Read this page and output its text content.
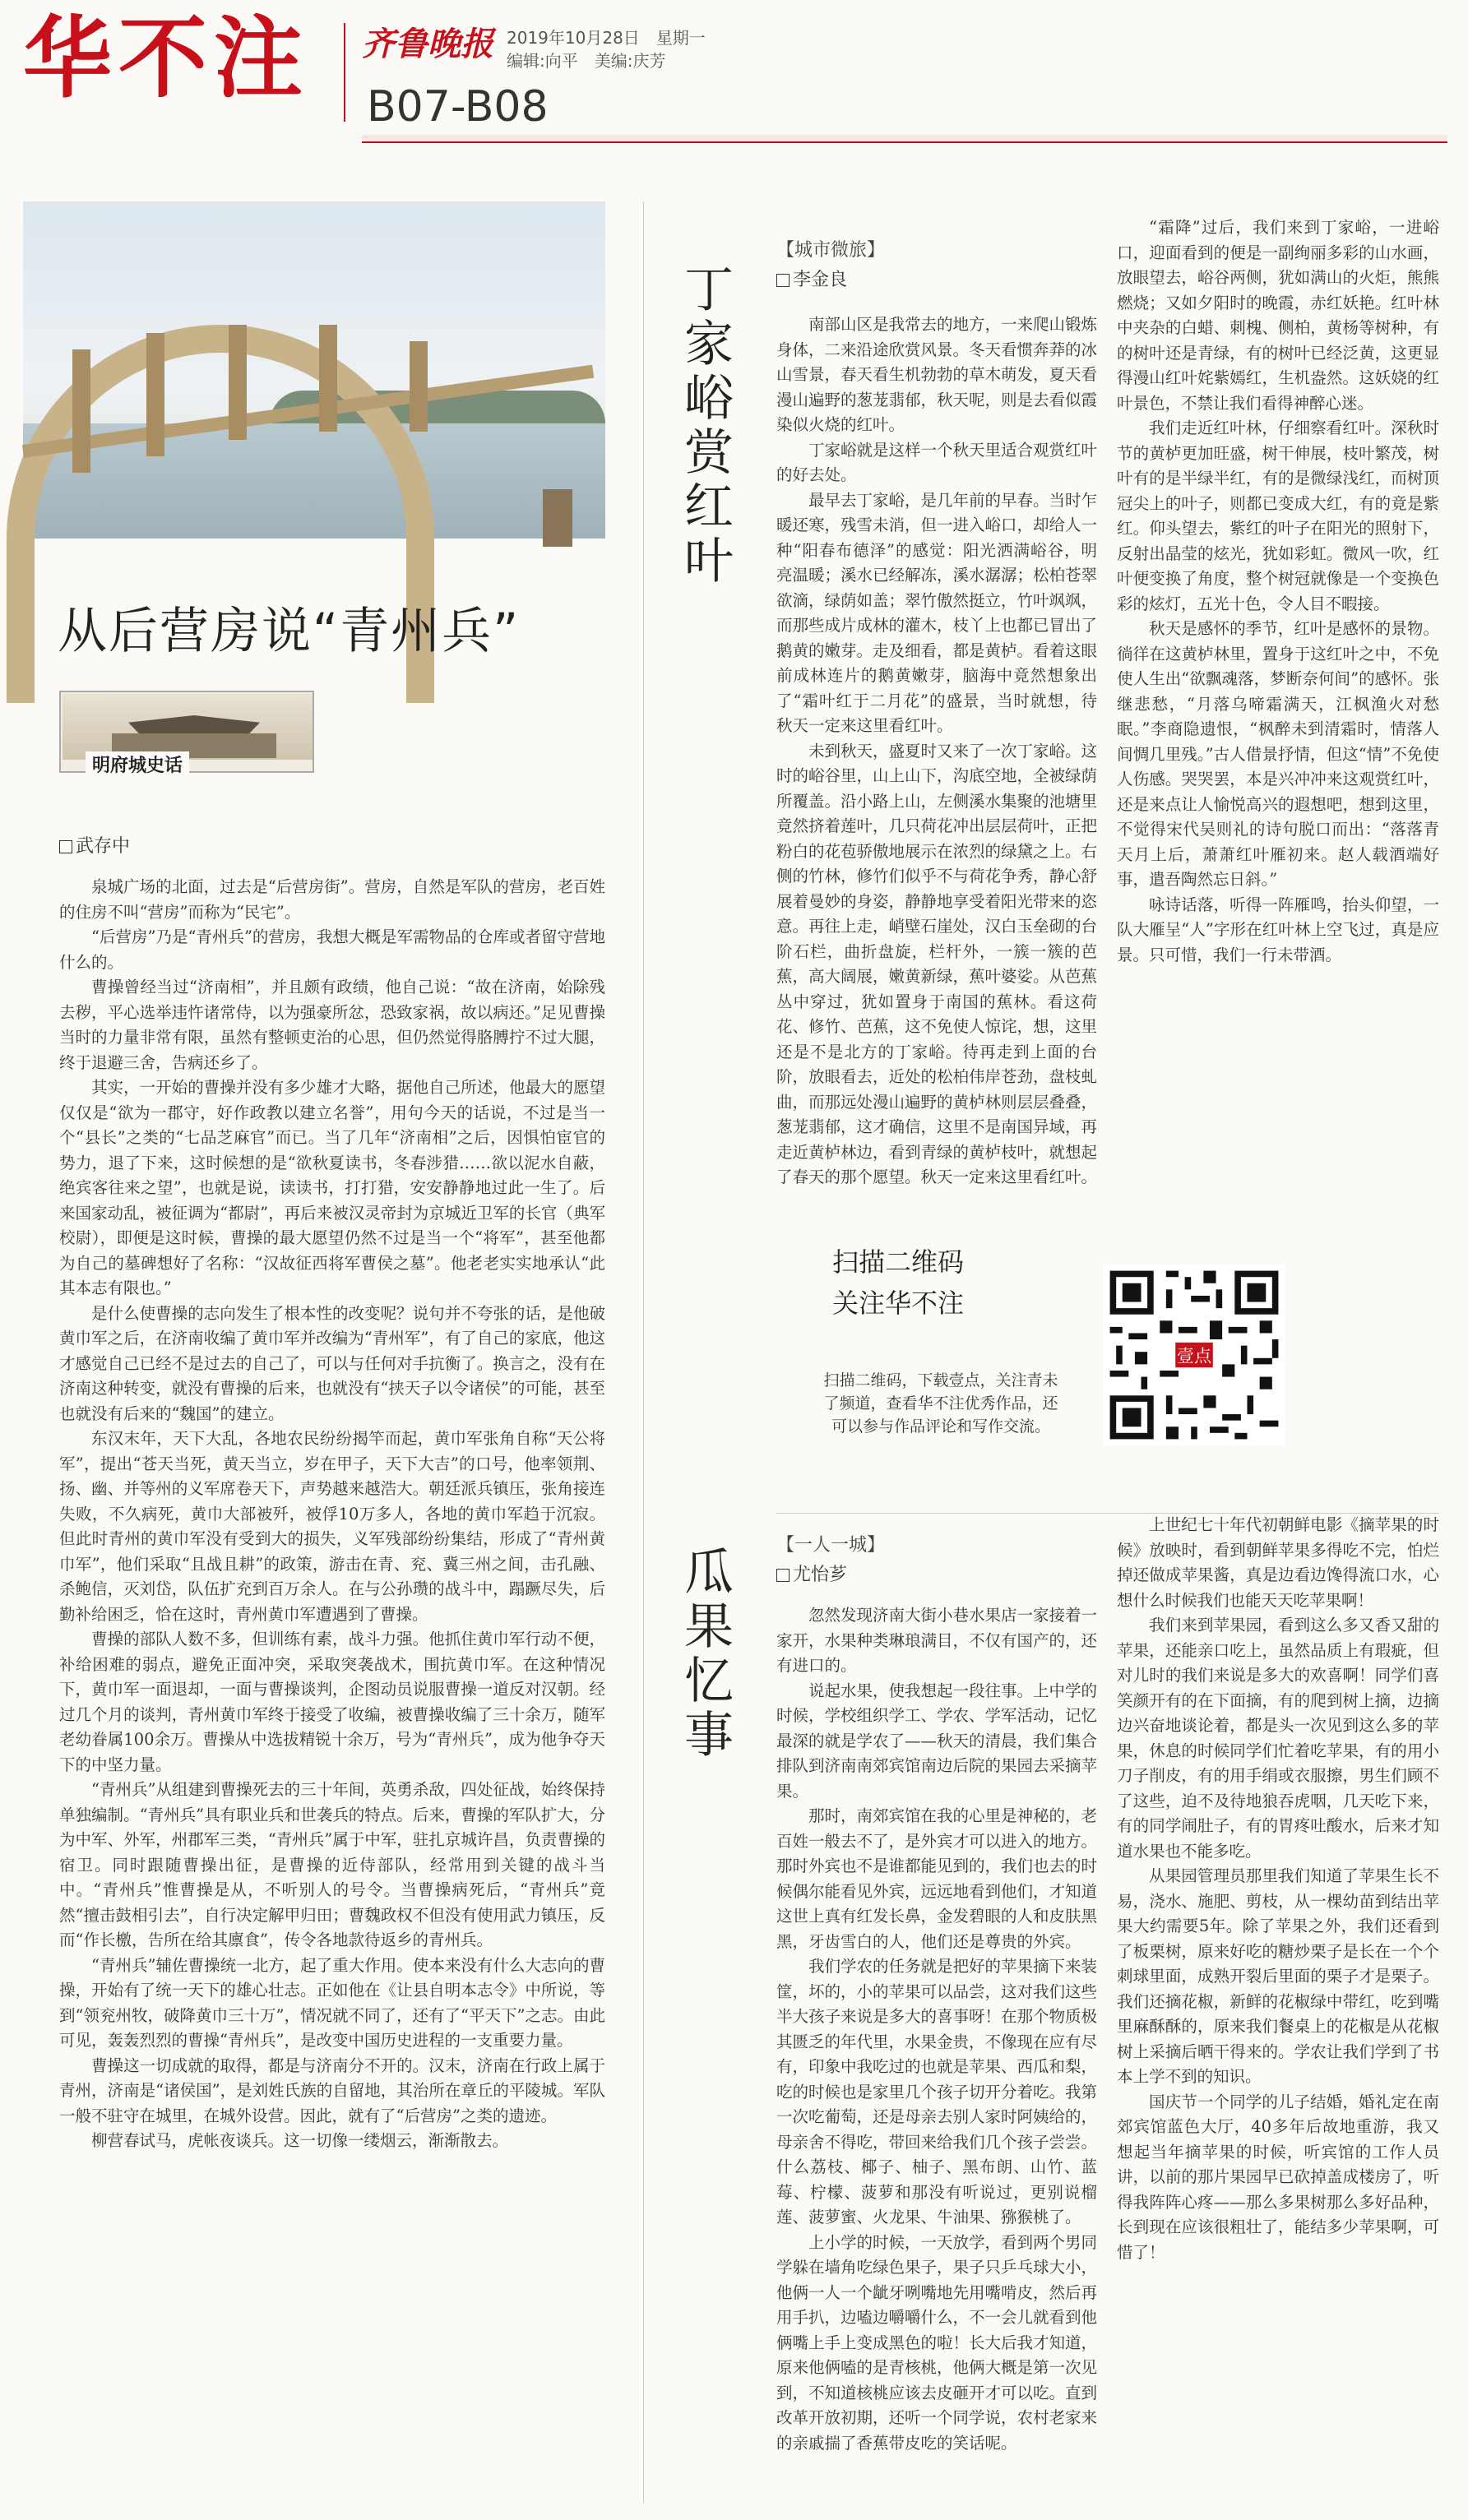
华不注 齐鲁晚报 2019年10月28日　星期一
编辑:向平　美编:庆芳
B07-B08
从后营房说“青州兵”
明府城史话
武存中

泉城广场的北面，过去是“后营房街”。营房，自然是军队的营房，老百姓的住房不叫“营房”而称为“民宅”。

“后营房”乃是“青州兵”的营房，我想大概是军需物品的仓库或者留守营地什么的。

曹操曾经当过“济南相”，并且颇有政绩，他自己说：“故在济南，始除残去秽，平心选举违忤诸常侍，以为强豪所忿，恐致家祸，故以病还。”足见曹操当时的力量非常有限，虽然有整顿吏治的心思，但仍然觉得胳膊拧不过大腿，终于退避三舍，告病还乡了。

其实，一开始的曹操并没有多少雄才大略，据他自己所述，他最大的愿望仅仅是“欲为一郡守，好作政教以建立名誉”，用句今天的话说，不过是当一个“县长”之类的“七品芝麻官”而已。当了几年“济南相”之后，因惧怕宦官的势力，退了下来，这时候想的是“欲秋夏读书，冬春涉猎……欲以泥水自蔽，绝宾客往来之望”，也就是说，读读书，打打猎，安安静静地过此一生了。后来国家动乱，被征调为“都尉”，再后来被汉灵帝封为京城近卫军的长官（典军校尉），即便是这时候，曹操的最大愿望仍然不过是当一个“将军”，甚至他都为自己的墓碑想好了名称：“汉故征西将军曹侯之墓”。他老老实实地承认“此其本志有限也。”

是什么使曹操的志向发生了根本性的改变呢？说句并不夸张的话，是他破黄巾军之后，在济南收编了黄巾军并改编为“青州军”，有了自己的家底，他这才感觉自己已经不是过去的自己了，可以与任何对手抗衡了。换言之，没有在济南这种转变，就没有曹操的后来，也就没有“挟天子以令诸侯”的可能，甚至也就没有后来的“魏国”的建立。

东汉末年，天下大乱，各地农民纷纷揭竿而起，黄巾军张角自称“天公将军”，提出“苍天当死，黄天当立，岁在甲子，天下大吉”的口号，他率领荆、扬、幽、并等州的义军席卷天下，声势越来越浩大。朝廷派兵镇压，张角接连失败，不久病死，黄巾大部被歼，被俘10万多人，各地的黄巾军趋于沉寂。但此时青州的黄巾军没有受到大的损失，义军残部纷纷集结，形成了“青州黄巾军”，他们采取“且战且耕”的政策，游击在青、兖、冀三州之间，击孔融、杀鲍信，灭刘岱，队伍扩充到百万余人。在与公孙瓒的战斗中，蹋蹶尽失，后勤补给困乏，恰在这时，青州黄巾军遭遇到了曹操。

曹操的部队人数不多，但训练有素，战斗力强。他抓住黄巾军行动不便，补给困难的弱点，避免正面冲突，采取突袭战术，围抗黄巾军。在这种情况下，黄巾军一面退却，一面与曹操谈判，企图动员说服曹操一道反对汉朝。经过几个月的谈判，青州黄巾军终于接受了收编，被曹操收编了三十余万，随军老幼眷属100余万。曹操从中选拔精锐十余万，号为“青州兵”，成为他争夺天下的中坚力量。

“青州兵”从组建到曹操死去的三十年间，英勇杀敌，四处征战，始终保持单独编制。“青州兵”具有职业兵和世袭兵的特点。后来，曹操的军队扩大，分为中军、外军，州郡军三类，“青州兵”属于中军，驻扎京城许昌，负责曹操的宿卫。同时跟随曹操出征，是曹操的近侍部队，经常用到关键的战斗当中。“青州兵”惟曹操是从，不听别人的号令。当曹操病死后，“青州兵”竟然“擅击鼓相引去”，自行决定解甲归田；曹魏政权不但没有使用武力镇压，反而“作长檄，告所在给其廪食”，传令各地款待返乡的青州兵。

“青州兵”辅佐曹操统一北方，起了重大作用。使本来没有什么大志向的曹操，开始有了统一天下的雄心壮志。正如他在《让县自明本志令》中所说，等到“领兖州牧，破降黄巾三十万”，情况就不同了，还有了“平天下”之志。由此可见，轰轰烈烈的曹操“青州兵”，是改变中国历史进程的一支重要力量。

曹操这一切成就的取得，都是与济南分不开的。汉末，济南在行政上属于青州，济南是“诸侯国”，是刘姓氏族的自留地，其治所在章丘的平陵城。军队一般不驻守在城里，在城外设营。因此，就有了“后营房”之类的遗迹。

柳营春试马，虎帐夜谈兵。这一切像一缕烟云，渐渐散去。

丁家峪赏红叶
【城市微旅】
李金良

南部山区是我常去的地方，一来爬山锻炼身体，二来沿途欣赏风景。冬天看惯奔莽的冰山雪景，春天看生机勃勃的草木萌发，夏天看漫山遍野的葱茏翡郁，秋天呢，则是去看似霞染似火烧的红叶。

丁家峪就是这样一个秋天里适合观赏红叶的好去处。

最早去丁家峪，是几年前的早春。当时乍暖还寒，残雪未消，但一进入峪口，却给人一种“阳春布德泽”的感觉：阳光洒满峪谷，明亮温暖；溪水已经解冻，溪水潺潺；松柏苍翠欲滴，绿荫如盖；翠竹傲然挺立，竹叶飒飒，而那些成片成林的灌木，枝丫上也都已冒出了鹅黄的嫩芽。走及细看，都是黄栌。看着这眼前成林连片的鹅黄嫩芽，脑海中竟然想象出了“霜叶红于二月花”的盛景，当时就想，待秋天一定来这里看红叶。

未到秋天，盛夏时又来了一次丁家峪。这时的峪谷里，山上山下，沟底空地，全被绿荫所覆盖。沿小路上山，左侧溪水集聚的池塘里竟然挤着莲叶，几只荷花冲出层层荷叶，正把粉白的花苞骄傲地展示在浓烈的绿黛之上。右侧的竹林，修竹们似乎不与荷花争秀，静心舒展着曼妙的身姿，静静地享受着阳光带来的恣意。再往上走，峭壁石崖处，汉白玉垒砌的台阶石栏，曲折盘旋，栏杆外，一簇一簇的芭蕉，高大阔展，嫩黄新绿，蕉叶婆娑。从芭蕉丛中穿过，犹如置身于南国的蕉林。看这荷花、修竹、芭蕉，这不免使人惊诧，想，这里还是不是北方的丁家峪。待再走到上面的台阶，放眼看去，近处的松柏伟岸苍劲，盘枝虬曲，而那远处漫山遍野的黄栌林则层层叠叠，葱茏翡郁，这才确信，这里不是南国异域，再走近黄栌林边，看到青绿的黄栌枝叶，就想起了春天的那个愿望。秋天一定来这里看红叶。

“霜降”过后，我们来到丁家峪，一进峪口，迎面看到的便是一副绚丽多彩的山水画，放眼望去，峪谷两侧，犹如满山的火炬，熊熊燃烧；又如夕阳时的晚霞，赤红妖艳。红叶林中夹杂的白蜡、刺槐、侧柏，黄杨等树种，有的树叶还是青绿，有的树叶已经泛黄，这更显得漫山红叶姹紫嫣红，生机盎然。这妖娆的红叶景色，不禁让我们看得神醉心迷。

我们走近红叶林，仔细察看红叶。深秋时节的黄栌更加旺盛，树干伸展，枝叶繁茂，树叶有的是半绿半红，有的是微绿浅红，而树顶冠尖上的叶子，则都已变成大红，有的竟是紫红。仰头望去，紫红的叶子在阳光的照射下，反射出晶莹的炫光，犹如彩虹。微风一吹，红叶便变换了角度，整个树冠就像是一个变换色彩的炫灯，五光十色，令人目不暇接。

秋天是感怀的季节，红叶是感怀的景物。徜徉在这黄栌林里，置身于这红叶之中，不免使人生出“欲飘魂落，梦断奈何间”的感怀。张继悲愁，“月落乌啼霜满天，江枫渔火对愁眠。”李商隐遗恨，“枫醉未到清霜时，情落人间惆几里残。”古人借景抒情，但这“情”不免使人伤感。哭哭罢，本是兴冲冲来这观赏红叶，还是来点让人愉悦高兴的遐想吧，想到这里，不觉得宋代吴则礼的诗句脱口而出：“落落青天月上后，萧萧红叶雁初来。赵人载酒端好事，遣吾陶然忘日斜。”

咏诗话落，听得一阵雁鸣，抬头仰望，一队大雁呈“人”字形在红叶林上空飞过，真是应景。只可惜，我们一行未带酒。

扫描二维码
关注华不注
扫描二维码，下载壹点，关注青未了频道，查看华不注优秀作品，还可以参与作品评论和写作交流。
壹点
瓜果忆事
【一人一城】
尤怡芗

忽然发现济南大街小巷水果店一家接着一家开，水果种类琳琅满目，不仅有国产的，还有进口的。

说起水果，使我想起一段往事。上中学的时候，学校组织学工、学农、学军活动，记忆最深的就是学农了——秋天的清晨，我们集合排队到济南南郊宾馆南边后院的果园去采摘苹果。

那时，南郊宾馆在我的心里是神秘的，老百姓一般去不了，是外宾才可以进入的地方。那时外宾也不是谁都能见到的，我们也去的时候偶尔能看见外宾，远远地看到他们，才知道这世上真有红发长鼻，金发碧眼的人和皮肤黑黑，牙齿雪白的人，他们还是尊贵的外宾。

我们学农的任务就是把好的苹果摘下来装筐，坏的，小的苹果可以品尝，这对我们这些半大孩子来说是多大的喜事呀！在那个物质极其匮乏的年代里，水果金贵，不像现在应有尽有，印象中我吃过的也就是苹果、西瓜和梨，吃的时候也是家里几个孩子切开分着吃。我第一次吃葡萄，还是母亲去别人家时阿姨给的，母亲舍不得吃，带回来给我们几个孩子尝尝。什么荔枝、椰子、柚子、黑布朗、山竹、蓝莓、柠檬、菠萝和那没有听说过，更别说榴莲、菠萝蜜、火龙果、牛油果、猕猴桃了。

上小学的时候，一天放学，看到两个男同学躲在墙角吃绿色果子，果子只乒乓球大小，他俩一人一个龇牙咧嘴地先用嘴啃皮，然后再用手扒，边嗑边嚼嚼什么，不一会儿就看到他俩嘴上手上变成黑色的啦！长大后我才知道，原来他俩嗑的是青核桃，他俩大概是第一次见到，不知道核桃应该去皮砸开才可以吃。直到改革开放初期，还听一个同学说，农村老家来的亲戚揣了香蕉带皮吃的笑话呢。

上世纪七十年代初朝鲜电影《摘苹果的时候》放映时，看到朝鲜苹果多得吃不完，怕烂掉还做成苹果酱，真是边看边馋得流口水，心想什么时候我们也能天天吃苹果啊！

我们来到苹果园，看到这么多又香又甜的苹果，还能亲口吃上，虽然品质上有瑕疵，但对儿时的我们来说是多大的欢喜啊！同学们喜笑颜开有的在下面摘，有的爬到树上摘，边摘边兴奋地谈论着，都是头一次见到这么多的苹果，休息的时候同学们忙着吃苹果，有的用小刀子削皮，有的用手绢或衣服擦，男生们顾不了这些，迫不及待地狼吞虎咽，几天吃下来，有的同学闹肚子，有的胃疼吐酸水，后来才知道水果也不能多吃。

从果园管理员那里我们知道了苹果生长不易，浇水、施肥、剪枝，从一棵幼苗到结出苹果大约需要5年。除了苹果之外，我们还看到了板栗树，原来好吃的糖炒栗子是长在一个个刺球里面，成熟开裂后里面的栗子才是栗子。我们还摘花椒，新鲜的花椒绿中带红，吃到嘴里麻酥酥的，原来我们餐桌上的花椒是从花椒树上采摘后晒干得来的。学农让我们学到了书本上学不到的知识。

国庆节一个同学的儿子结婚，婚礼定在南郊宾馆蓝色大厅，40多年后故地重游，我又想起当年摘苹果的时候，听宾馆的工作人员讲，以前的那片果园早已砍掉盖成楼房了，听得我阵阵心疼——那么多果树那么多好品种，长到现在应该很粗壮了，能结多少苹果啊，可惜了！
